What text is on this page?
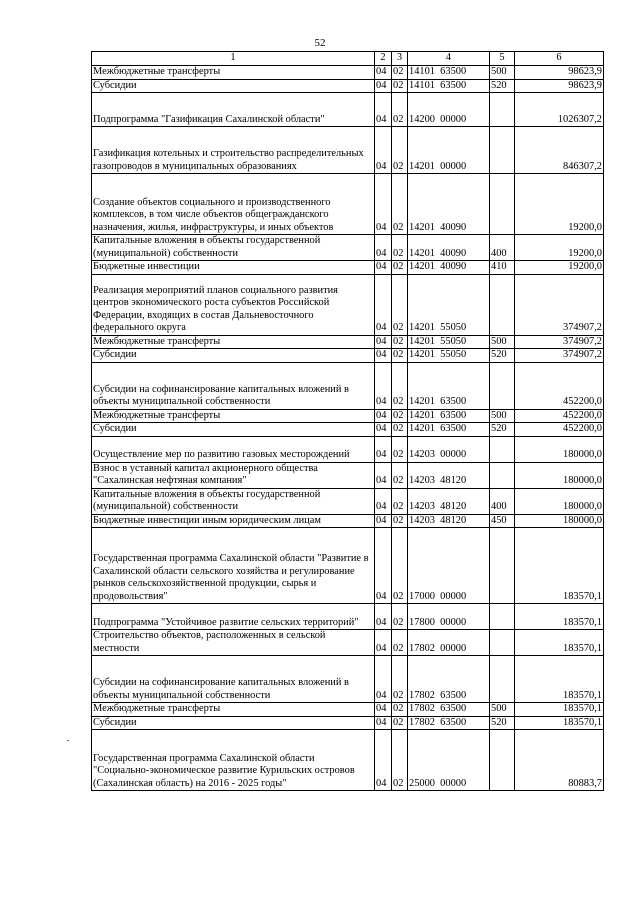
52
1	2	3	4	5	6
Межбюджетные трансферты	04	02	14101  63500	500	98623,9
Субсидии	04	02	14101  63500	520	98623,9
Подпрограмма "Газификация Сахалинской области"	04	02	14200  00000		1026307,2
Газификация котельных и строительство распределительных газопроводов в муниципальных образованиях	04	02	14201  00000		846307,2
Создание объектов социального и производственного комплексов, в том числе объектов общегражданского назначения, жилья, инфраструктуры, и иных объектов	04	02	14201  40090		19200,0
Капитальные вложения в объекты государственной (муниципальной) собственности	04	02	14201  40090	400	19200,0
Бюджетные инвестиции	04	02	14201  40090	410	19200,0
Реализация мероприятий планов социального развития центров экономического роста субъектов Российской Федерации, входящих в состав Дальневосточного федерального округа	04	02	14201  55050		374907,2
Межбюджетные трансферты	04	02	14201  55050	500	374907,2
Субсидии	04	02	14201  55050	520	374907,2
Субсидии на софинансирование капитальных вложений в объекты муниципальной собственности	04	02	14201  63500		452200,0
Межбюджетные трансферты	04	02	14201  63500	500	452200,0
Субсидии	04	02	14201  63500	520	452200,0
Осуществление мер по развитию газовых месторождений	04	02	14203  00000		180000,0
Взнос в уставный капитал акционерного общества "Сахалинская нефтяная компания"	04	02	14203  48120		180000,0
Капитальные вложения в объекты государственной (муниципальной) собственности	04	02	14203  48120	400	180000,0
Бюджетные инвестиции иным юридическим лицам	04	02	14203  48120	450	180000,0
Государственная программа Сахалинской области "Развитие в Сахалинской области сельского хозяйства и регулирование рынков сельскохозяйственной продукции, сырья и продовольствия"	04	02	17000  00000		183570,1
Подпрограмма "Устойчивое развитие сельских территорий"	04	02	17800  00000		183570,1
Строительство объектов, расположенных в сельской местности	04	02	17802  00000		183570,1
Субсидии на софинансирование капитальных вложений в объекты муниципальной собственности	04	02	17802  63500		183570,1
Межбюджетные трансферты	04	02	17802  63500	500	183570,1
Субсидии	04	02	17802  63500	520	183570,1
Государственная программа Сахалинской области "Социально-экономическое развитие Курильских островов (Сахалинская область) на 2016 - 2025 годы"	04	02	25000  00000		80883,7
